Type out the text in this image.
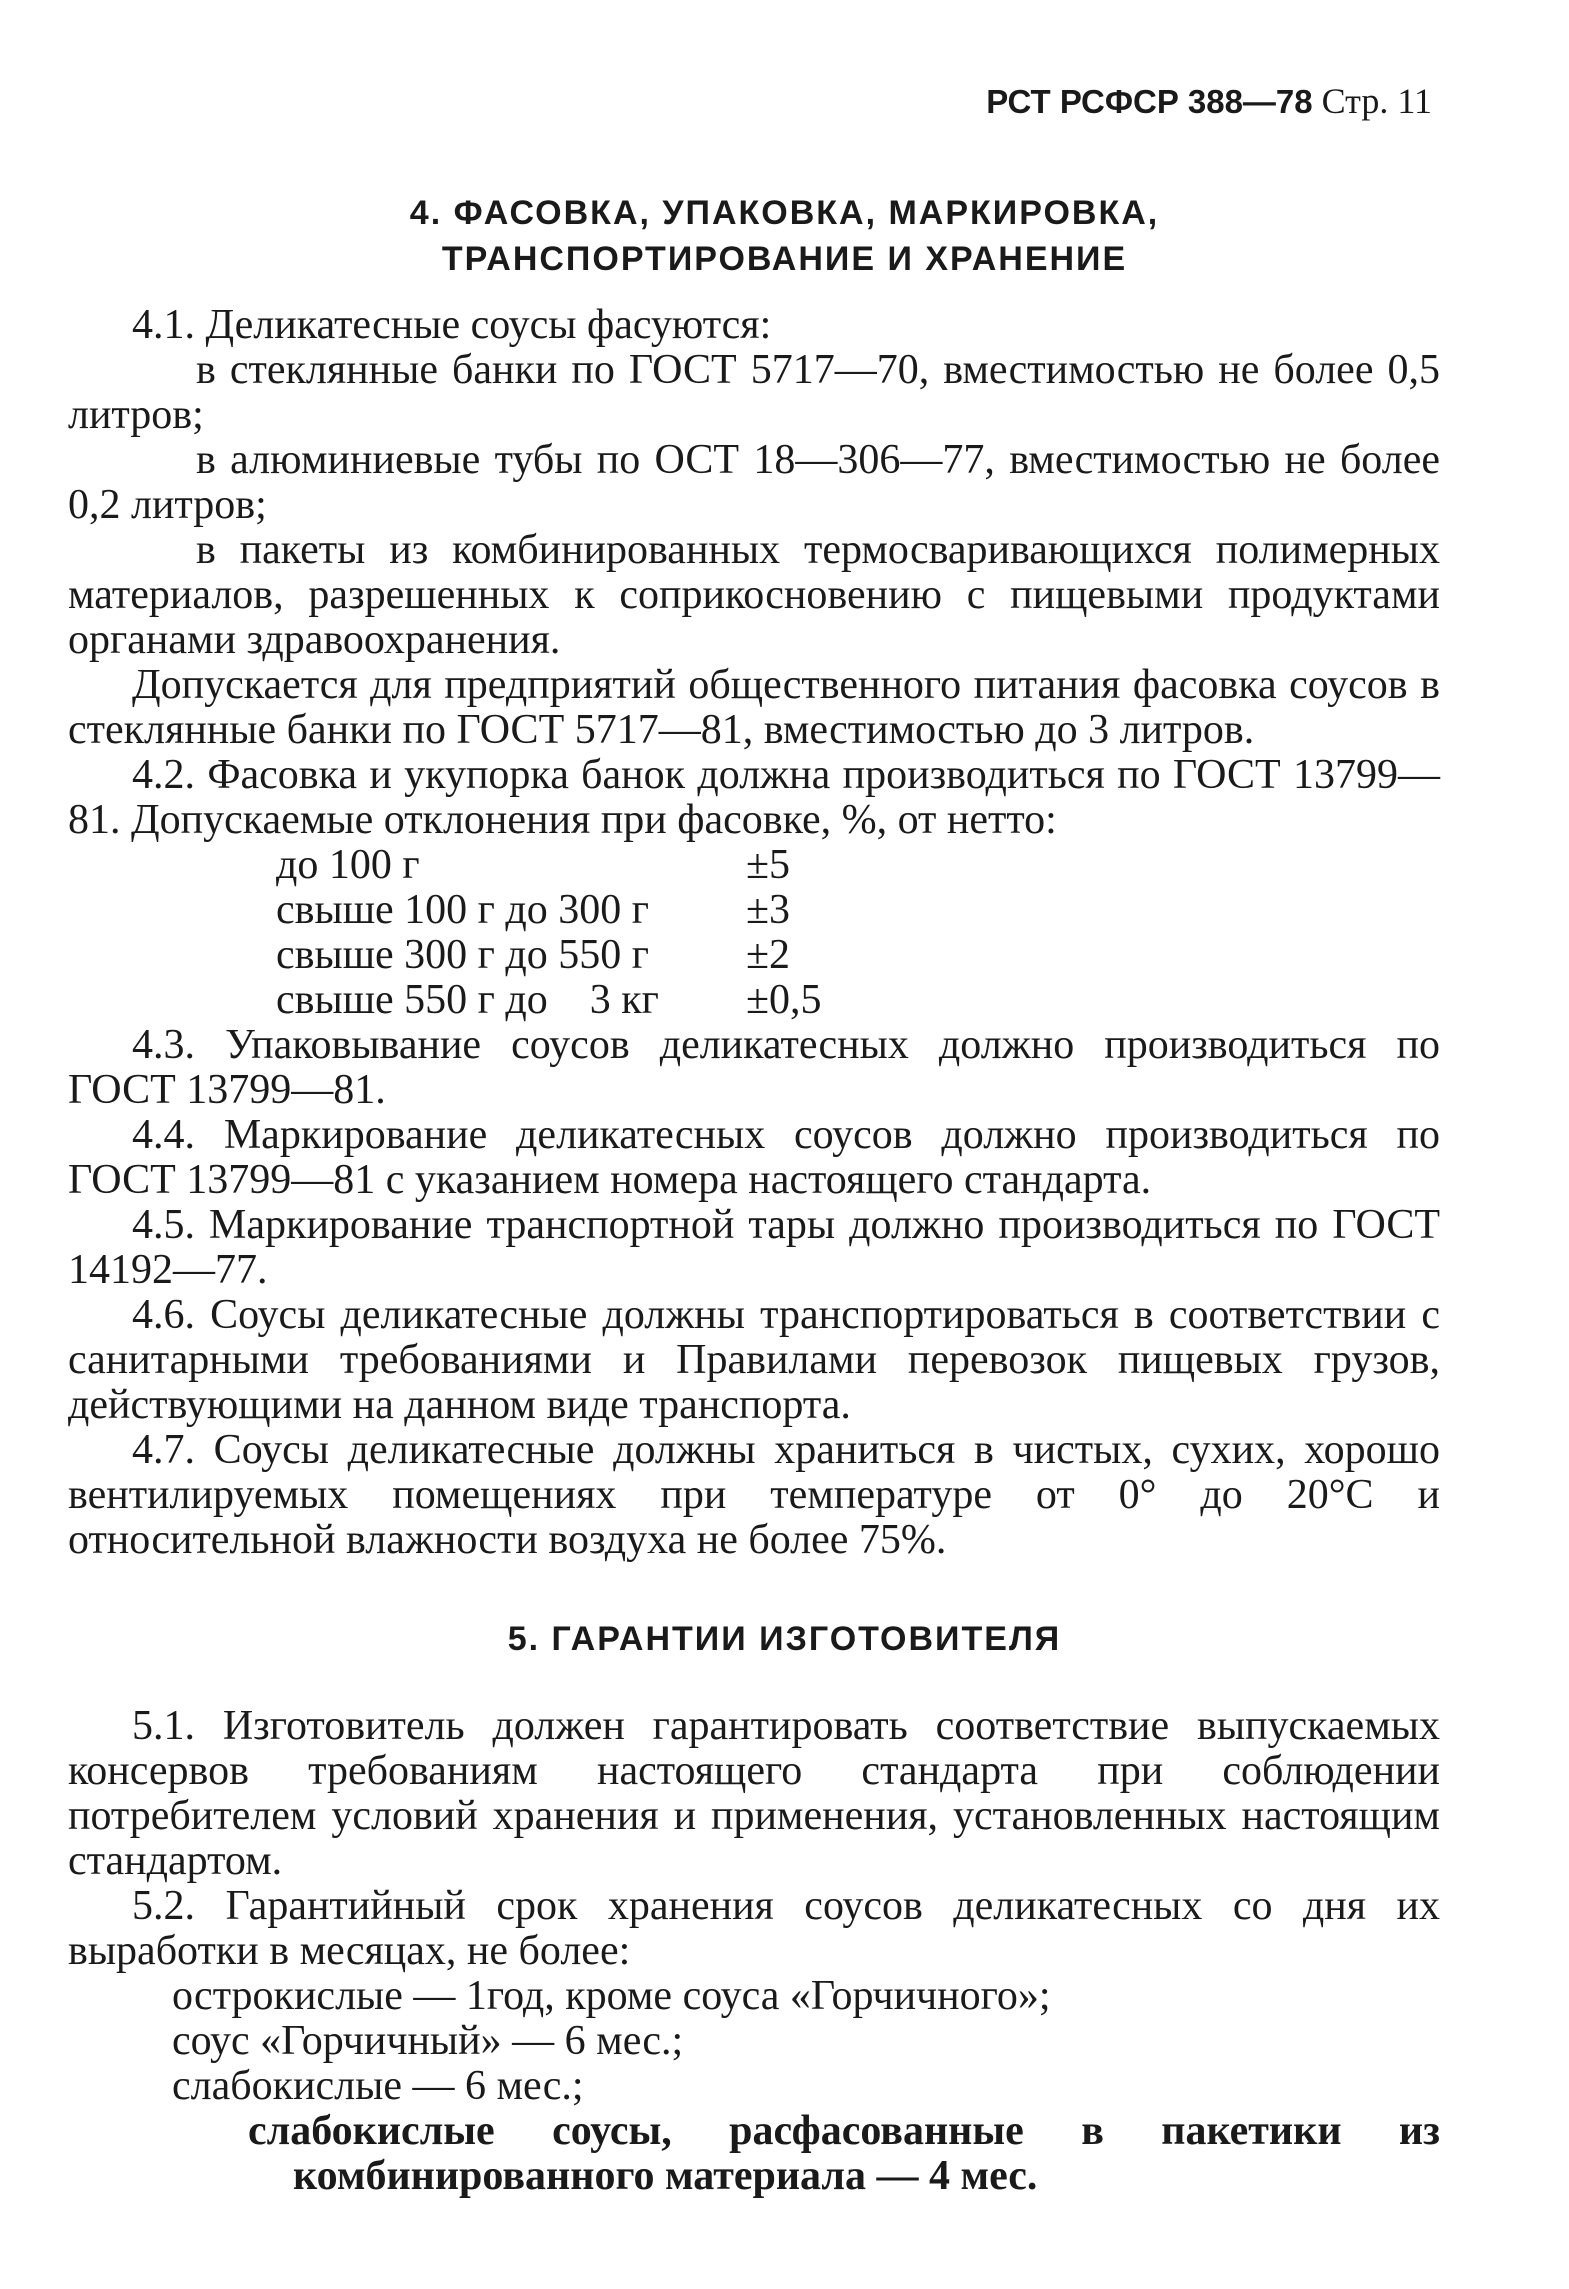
РСТ РСФСР 388—78 Стр. 11
4. ФАСОВКА, УПАКОВКА, МАРКИРОВКА,
ТРАНСПОРТИРОВАНИЕ И ХРАНЕНИЕ
4.1. Деликатесные соусы фасуются:
в стеклянные банки по ГОСТ 5717—70, вместимостью не более 0,5 литров;
в алюминиевые тубы по ОСТ 18—306—77, вместимостью не более 0,2 литров;
в пакеты из комбинированных термосваривающихся полимерных материалов, разрешенных к соприкосновению с пищевыми продуктами органами здравоохранения.
Допускается для предприятий общественного питания фасовка соусов в стеклянные банки по ГОСТ 5717—81, вместимостью до 3 литров.
4.2. Фасовка и укупорка банок должна производиться по ГОСТ 13799—81. Допускаемые отклонения при фасовке, %, от нетто:
до 100 г	±5
свыше 100 г до 300 г	±3
свыше 300 г до 550 г	±2
свыше 550 г до    3 кг	±0,5
4.3. Упаковывание соусов деликатесных должно производиться по ГОСТ 13799—81.
4.4. Маркирование деликатесных соусов должно производиться по ГОСТ 13799—81 с указанием номера настоящего стандарта.
4.5. Маркирование транспортной тары должно производиться по ГОСТ 14192—77.
4.6. Соусы деликатесные должны транспортироваться в соответствии с санитарными требованиями и Правилами перевозок пищевых грузов, действующими на данном виде транспорта.
4.7. Соусы деликатесные должны храниться в чистых, сухих, хорошо вентилируемых помещениях при температуре от 0° до 20°С и относительной влажности воздуха не более 75%.
5. ГАРАНТИИ ИЗГОТОВИТЕЛЯ
5.1. Изготовитель должен гарантировать соответствие выпускаемых консервов требованиям настоящего стандарта при соблюдении потребителем условий хранения и применения, установленных настоящим стандартом.
5.2. Гарантийный срок хранения соусов деликатесных со дня их выработки в месяцах, не более:
острокислые — 1год, кроме соуса «Горчичного»;
соус «Горчичный» — 6 мес.;
слабокислые — 6 мес.;
слабокислые соусы, расфасованные в пакетики из комбинированного материала — 4 мес.
